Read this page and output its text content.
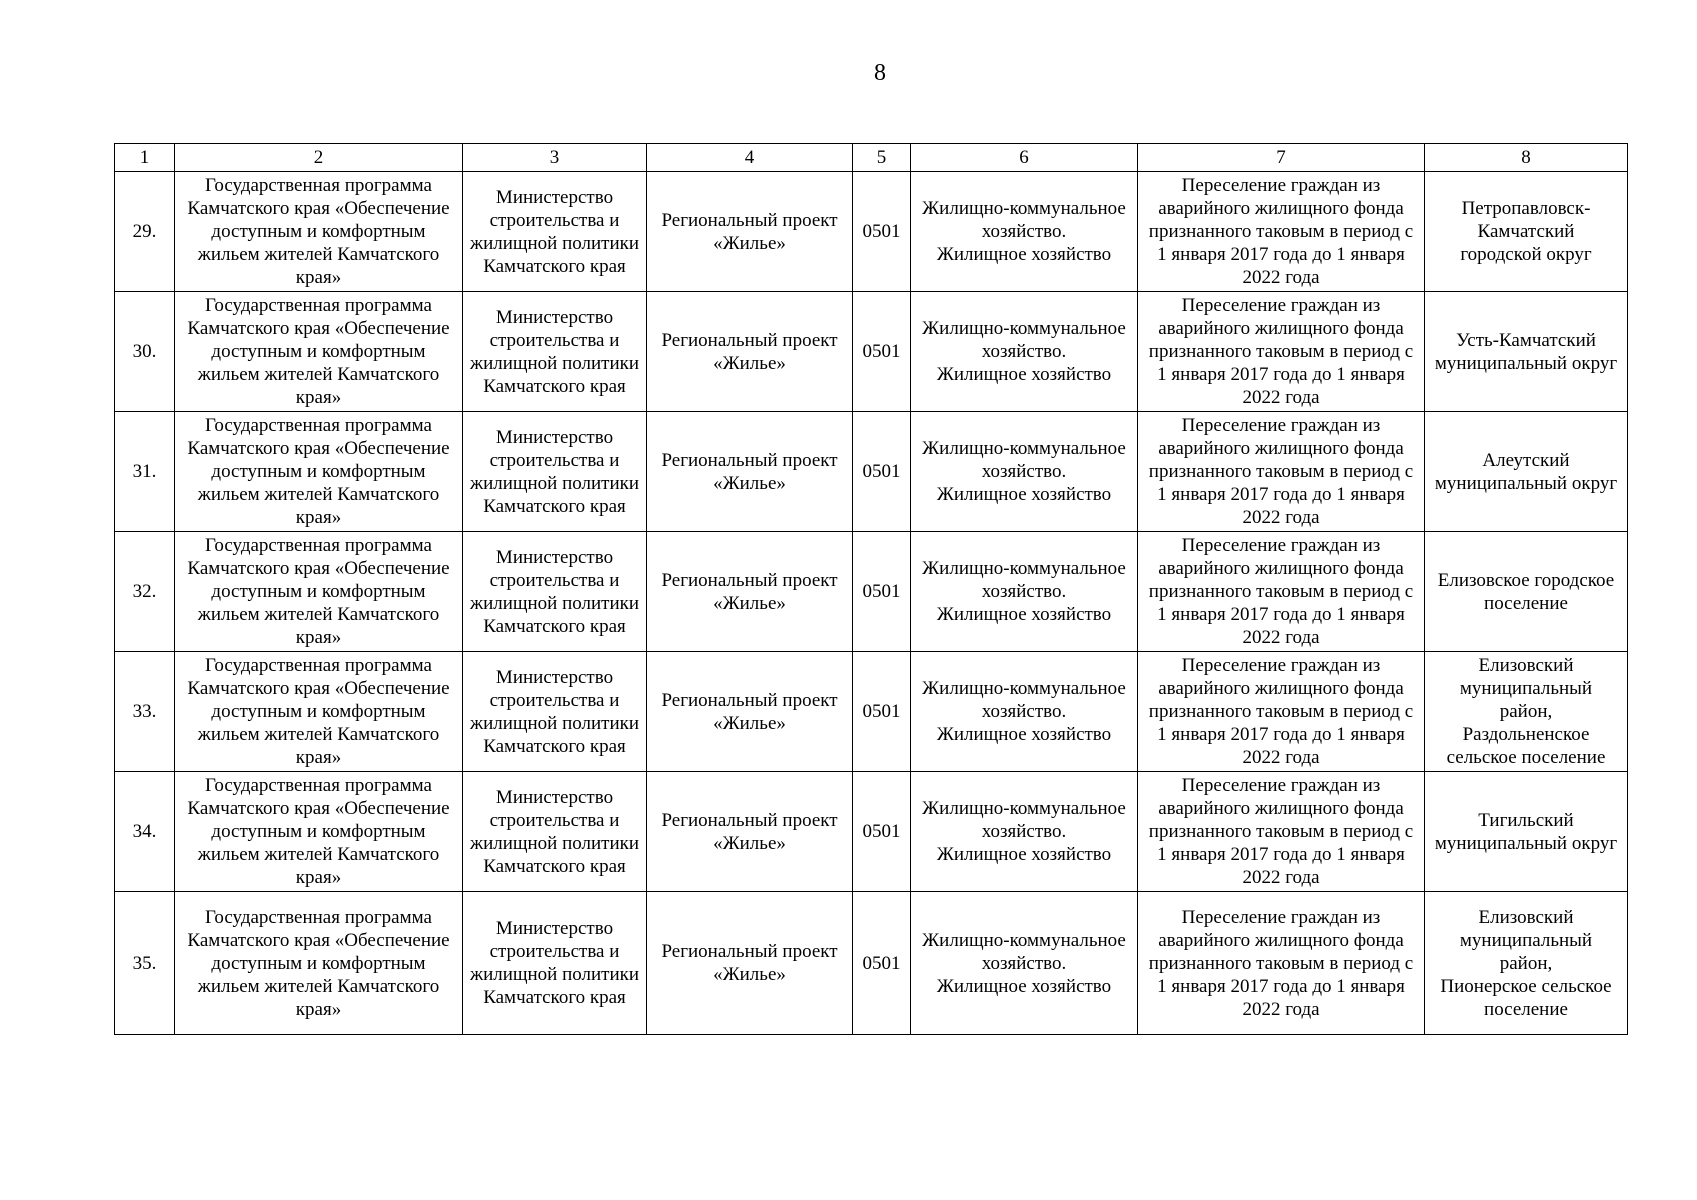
8
1	2	3	4	5	6	7	8

29.	Государственная программа
Камчатского края «Обеспечение
доступным и комфортным
жильем жителей Камчатского
края»	Министерство
строительства и
жилищной политики
Камчатского края	Региональный проект
«Жилье»	0501	Жилищно-коммунальное
хозяйство.
Жилищное хозяйство	Переселение граждан из
аварийного жилищного фонда
признанного таковым в период с
1 января 2017 года до 1 января
2022 года	Петропавловск-
Камчатский
городской округ

30.	Государственная программа
Камчатского края «Обеспечение
доступным и комфортным
жильем жителей Камчатского
края»	Министерство
строительства и
жилищной политики
Камчатского края	Региональный проект
«Жилье»	0501	Жилищно-коммунальное
хозяйство.
Жилищное хозяйство	Переселение граждан из
аварийного жилищного фонда
признанного таковым в период с
1 января 2017 года до 1 января
2022 года	Усть-Камчатский
муниципальный округ

31.	Государственная программа
Камчатского края «Обеспечение
доступным и комфортным
жильем жителей Камчатского
края»	Министерство
строительства и
жилищной политики
Камчатского края	Региональный проект
«Жилье»	0501	Жилищно-коммунальное
хозяйство.
Жилищное хозяйство	Переселение граждан из
аварийного жилищного фонда
признанного таковым в период с
1 января 2017 года до 1 января
2022 года	Алеутский
муниципальный округ

32.	Государственная программа
Камчатского края «Обеспечение
доступным и комфортным
жильем жителей Камчатского
края»	Министерство
строительства и
жилищной политики
Камчатского края	Региональный проект
«Жилье»	0501	Жилищно-коммунальное
хозяйство.
Жилищное хозяйство	Переселение граждан из
аварийного жилищного фонда
признанного таковым в период с
1 января 2017 года до 1 января
2022 года	Елизовское городское
поселение

33.	Государственная программа
Камчатского края «Обеспечение
доступным и комфортным
жильем жителей Камчатского
края»	Министерство
строительства и
жилищной политики
Камчатского края	Региональный проект
«Жилье»	0501	Жилищно-коммунальное
хозяйство.
Жилищное хозяйство	Переселение граждан из
аварийного жилищного фонда
признанного таковым в период с
1 января 2017 года до 1 января
2022 года	Елизовский
муниципальный
район,
Раздольненское
сельское поселение

34.	Государственная программа
Камчатского края «Обеспечение
доступным и комфортным
жильем жителей Камчатского
края»	Министерство
строительства и
жилищной политики
Камчатского края	Региональный проект
«Жилье»	0501	Жилищно-коммунальное
хозяйство.
Жилищное хозяйство	Переселение граждан из
аварийного жилищного фонда
признанного таковым в период с
1 января 2017 года до 1 января
2022 года	Тигильский
муниципальный округ

35.	Государственная программа
Камчатского края «Обеспечение
доступным и комфортным
жильем жителей Камчатского
края»	Министерство
строительства и
жилищной политики
Камчатского края	Региональный проект
«Жилье»	0501	Жилищно-коммунальное
хозяйство.
Жилищное хозяйство	Переселение граждан из
аварийного жилищного фонда
признанного таковым в период с
1 января 2017 года до 1 января
2022 года	Елизовский
муниципальный
район,
Пионерское сельское
поселение
